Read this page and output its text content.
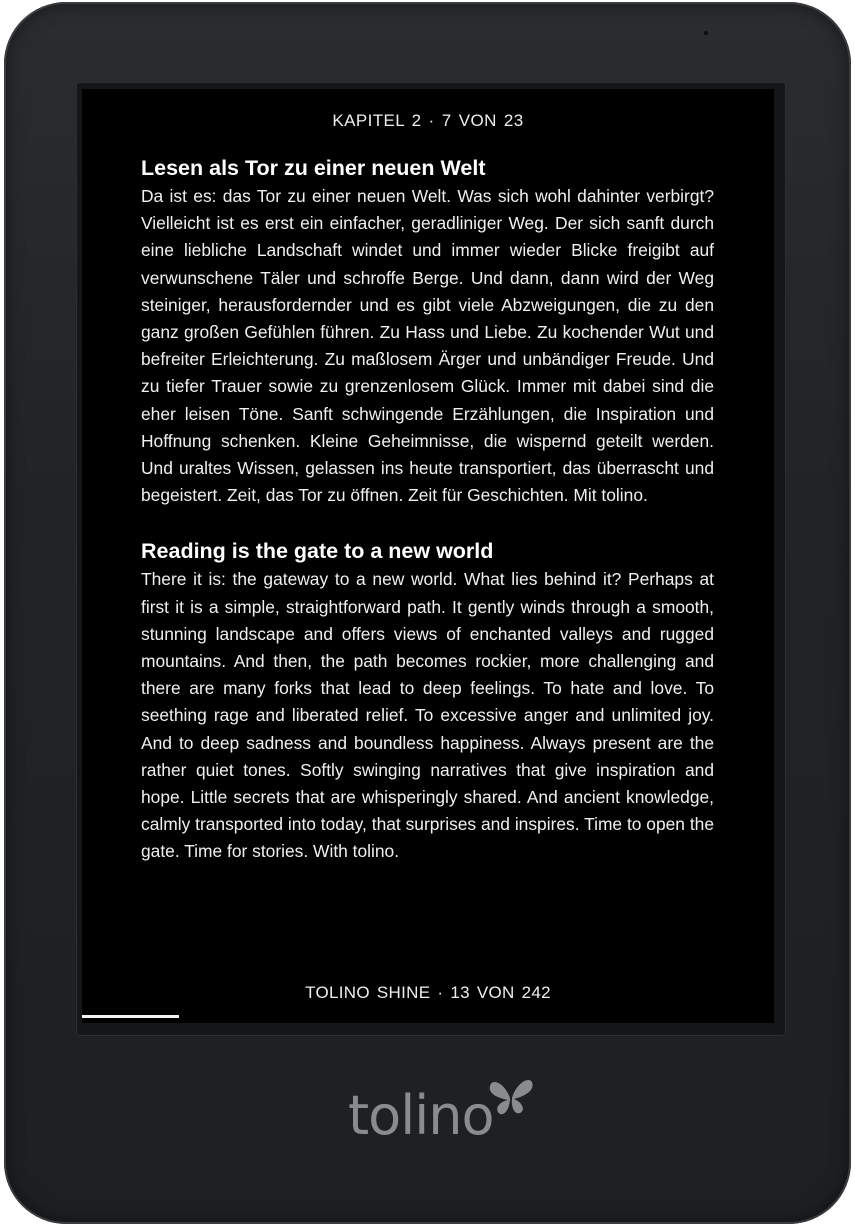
KAPITEL 2 · 7 VON 23
Lesen als Tor zu einer neuen Welt

Da ist es: das Tor zu einer neuen Welt. Was sich wohl dahinter verbirgt? Vielleicht ist es erst ein einfacher, geradliniger Weg. Der sich sanft durch eine liebliche Landschaft windet und immer wieder Blicke freigibt auf verwunschene Täler und schroffe Berge. Und dann, dann wird der Weg steiniger, herausfordernder und es gibt viele Abzweigungen, die zu den ganz großen Gefühlen führen. Zu Hass und Liebe. Zu kochender Wut und befreiter Erleichterung. Zu maßlosem Ärger und unbändiger Freude. Und zu tiefer Trauer sowie zu grenzenlosem Glück. Immer mit dabei sind die eher leisen Töne. Sanft schwingende Erzählungen, die Inspiration und Hoffnung schenken. Kleine Geheimnisse, die wispernd geteilt werden. Und uraltes Wissen, gelassen ins heute transportiert, das überrascht und begeistert. Zeit, das Tor zu öffnen. Zeit für Geschichten. Mit tolino.

Reading is the gate to a new world

There it is: the gateway to a new world. What lies behind it? Perhaps at first it is a simple, straightforward path. It gently winds through a smooth, stunning landscape and offers views of enchanted valleys and rugged mountains. And then, the path becomes rockier, more challenging and there are many forks that lead to deep feelings. To hate and love. To seething rage and liberated relief. To excessive anger and unlimited joy. And to deep sadness and boundless happiness. Always present are the rather quiet tones. Softly swinging narratives that give inspiration and hope. Little secrets that are whisperingly shared. And ancient knowledge, calmly transported into today, that surprises and inspires. Time to open the gate. Time for stories. With tolino.

TOLINO SHINE · 13 VON 242
tolino
